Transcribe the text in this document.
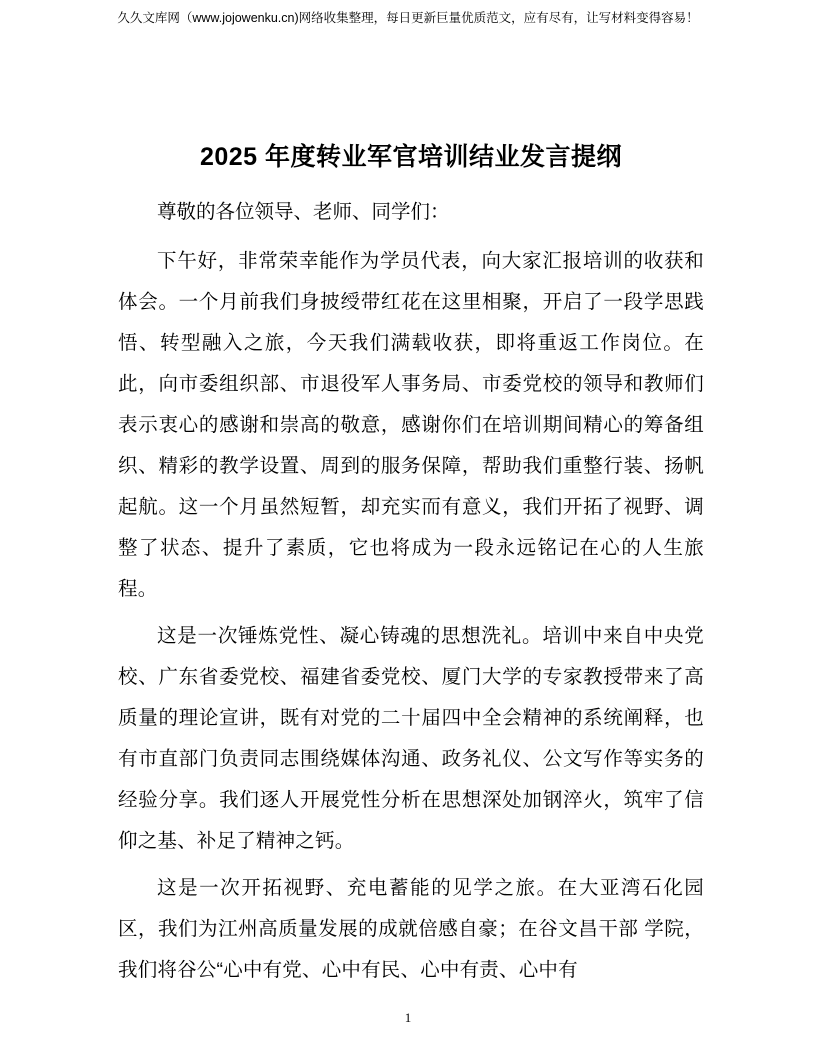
久久文库网（www.jojowenku.cn)网络收集整理，每日更新巨量优质范文，应有尽有，让写材料变得容易！
2025 年度转业军官培训结业发言提纲

尊敬的各位领导、老师、同学们：

下午好，非常荣幸能作为学员代表，向大家汇报培训的收获和体会。一个月前我们身披绶带红花在这里相聚，开启了一段学思践悟、转型融入之旅，今天我们满载收获，即将重返工作岗位。在此，向市委组织部、市退役军人事务局、市委党校的领导和教师们表示衷心的感谢和崇高的敬意，感谢你们在培训期间精心的筹备组织、精彩的教学设置、周到的服务保障，帮助我们重整行装、扬帆起航。这一个月虽然短暂，却充实而有意义，我们开拓了视野、调整了状态、提升了素质，它也将成为一段永远铭记在心的人生旅程。

这是一次锤炼党性、凝心铸魂的思想洗礼。培训中来自中央党校、广东省委党校、福建省委党校、厦门大学的专家教授带来了高质量的理论宣讲，既有对党的二十届四中全会精神的系统阐释，也有市直部门负责同志围绕媒体沟通、政务礼仪、公文写作等实务的经验分享。我们逐人开展党性分析在思想深处加钢淬火，筑牢了信仰之基、补足了精神之钙。

这是一次开拓视野、充电蓄能的见学之旅。在大亚湾石化园区，我们为江州高质量发展的成就倍感自豪；在谷文昌干部 学院，我们将谷公“心中有党、心中有民、心中有责、心中有

1
